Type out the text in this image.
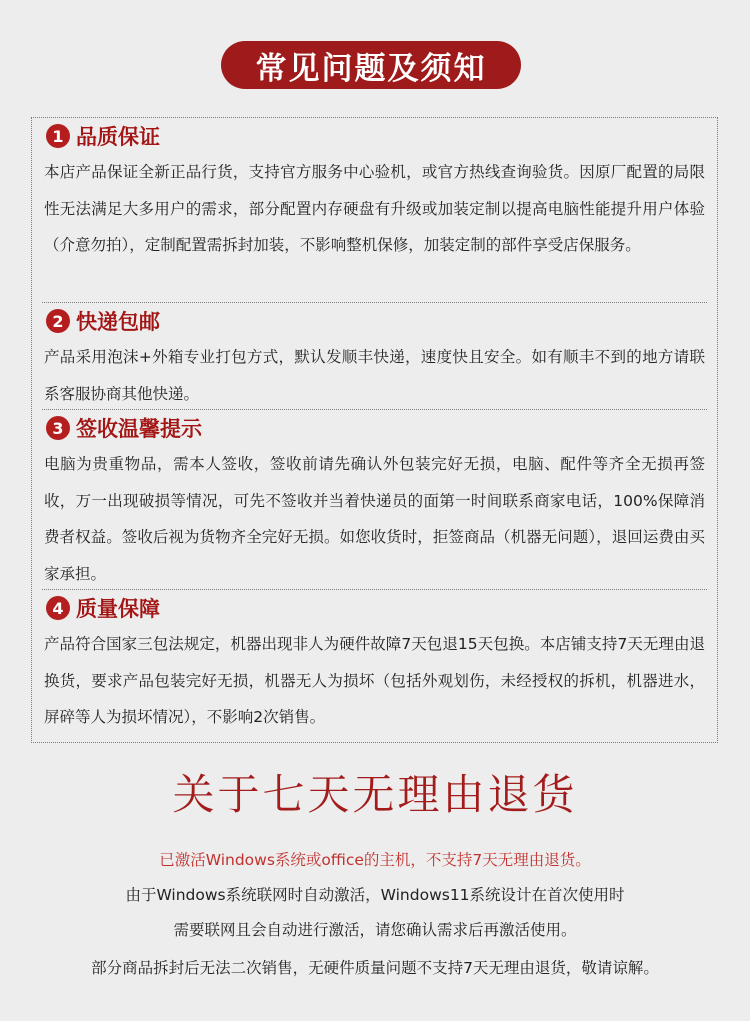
常见问题及须知
1 品质保证

本店产品保证全新正品行货，支持官方服务中心验机，或官方热线查询验货。因原厂配置的局限性无法满足大多用户的需求，部分配置内存硬盘有升级或加装定制以提高电脑性能提升用户体验（介意勿拍），定制配置需拆封加装，不影响整机保修，加装定制的部件享受店保服务。

2 快递包邮

产品采用泡沫+外箱专业打包方式，默认发顺丰快递，速度快且安全。如有顺丰不到的地方请联系客服协商其他快递。

3 签收温馨提示

电脑为贵重物品，需本人签收，签收前请先确认外包装完好无损，电脑、配件等齐全无损再签收，万一出现破损等情况，可先不签收并当着快递员的面第一时间联系商家电话，100%保障消费者权益。签收后视为货物齐全完好无损。如您收货时，拒签商品（机器无问题），退回运费由买家承担。

4 质量保障

产品符合国家三包法规定，机器出现非人为硬件故障7天包退15天包换。本店铺支持7天无理由退换货，要求产品包装完好无损，机器无人为损坏（包括外观划伤，未经授权的拆机，机器进水，屏碎等人为损坏情况），不影响2次销售。

关于七天无理由退货
已激活Windows系统或office的主机，不支持7天无理由退货。
由于Windows系统联网时自动激活，Windows11系统设计在首次使用时
需要联网且会自动进行激活，请您确认需求后再激活使用。
部分商品拆封后无法二次销售，无硬件质量问题不支持7天无理由退货，敬请谅解。
